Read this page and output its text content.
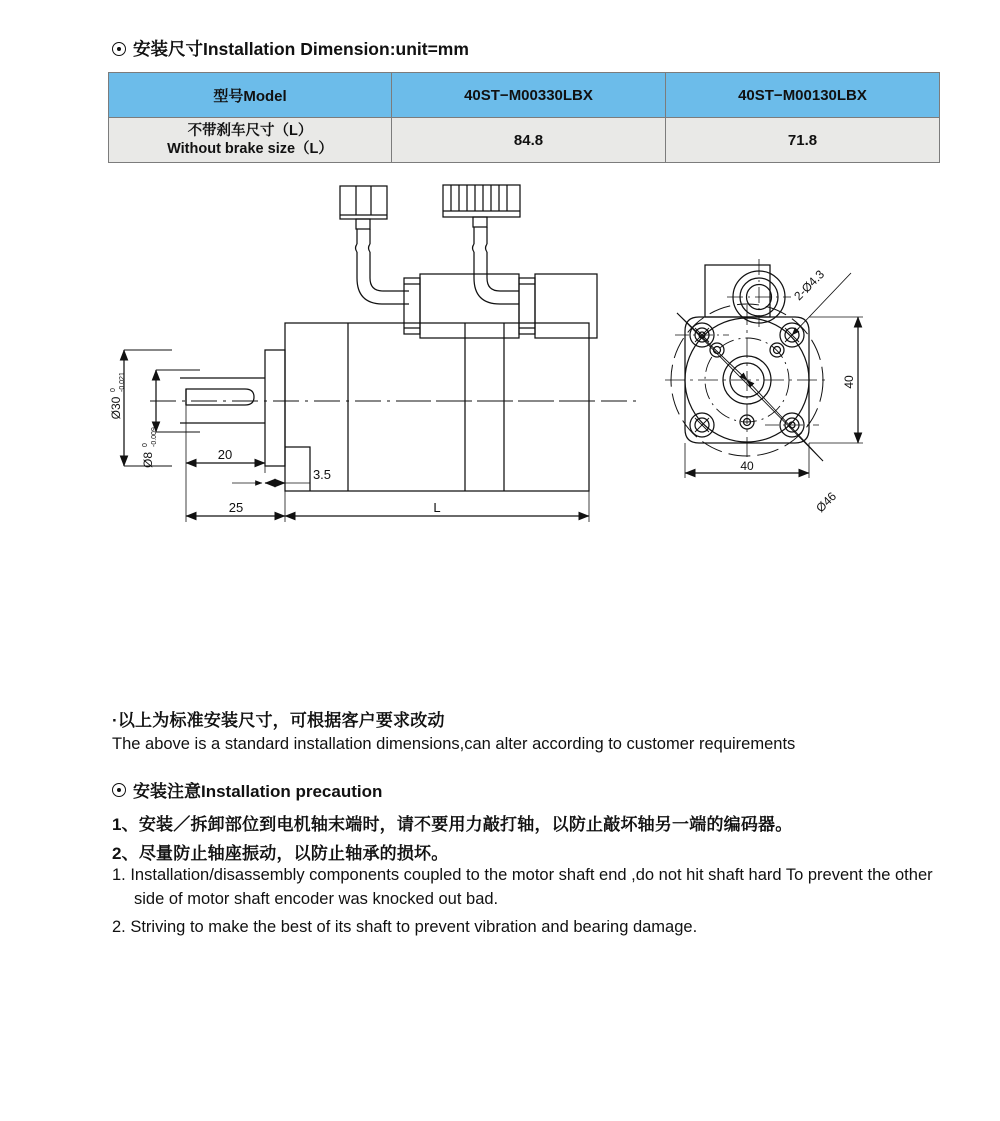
安装尺寸Installation Dimension:unit=mm
型号Model	40ST−M00330LBX	40ST−M00130LBX

不带刹车尺寸（L）
Without brake size（L）	84.8	71.8
Ø30
0 -0.021
Ø8
0 -0.009
20
3.5
25	L
2-Ø4.3
Ø46
40
40
·以上为标准安装尺寸，可根据客户要求改动
The above is a standard installation dimensions,can alter according to customer requirements
安装注意Installation precaution
1、安装／拆卸部位到电机轴末端时，请不要用力敲打轴，以防止敲坏轴另一端的编码器。
2、尽量防止轴座振动，以防止轴承的损坏。
1. Installation/disassembly components coupled to the motor shaft end ,do not hit shaft hard To prevent the other side of motor shaft encoder was knocked out bad.
2. Striving to make the best of its shaft to prevent vibration and bearing damage.
